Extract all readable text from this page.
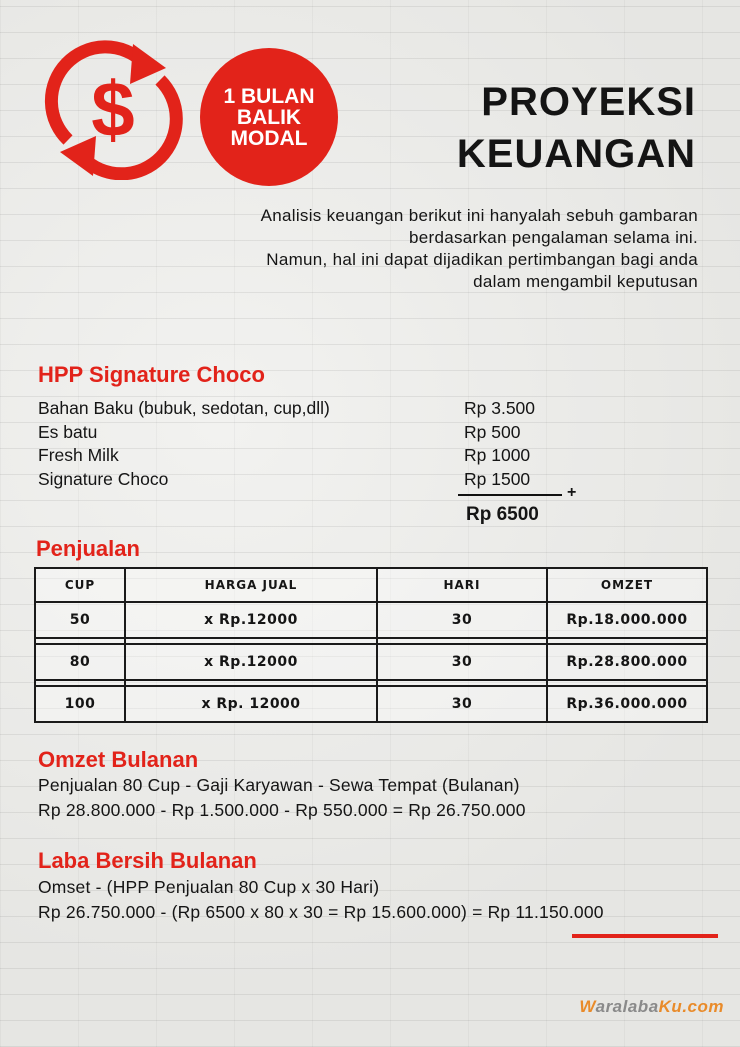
$	1 BULAN
BALIK
MODAL
PROYEKSI
KEUANGAN
Analisis keuangan berikut ini hanyalah sebuh gambaran
berdasarkan pengalaman selama ini.
Namun, hal ini dapat dijadikan pertimbangan bagi anda
dalam mengambil keputusan
HPP Signature Choco
Bahan Baku (bubuk, sedotan, cup,dll)	Rp 3.500
Es batu	Rp 500
Fresh Milk	Rp 1000
Signature Choco	Rp 1500
+
Rp 6500
Penjualan
CUP	HARGA JUAL	HARI	OMZET
50	x Rp.12000	30	Rp.18.000.000

80	x Rp.12000	30	Rp.28.800.000

100	x Rp. 12000	30	Rp.36.000.000
Omzet Bulanan
Penjualan 80 Cup - Gaji Karyawan - Sewa Tempat (Bulanan)
Rp 28.800.000 - Rp 1.500.000 - Rp 550.000 = Rp 26.750.000
Laba Bersih Bulanan
Omset - (HPP Penjualan 80 Cup x 30 Hari)
Rp 26.750.000 - (Rp 6500 x 80 x 30 = Rp 15.600.000) = Rp 11.150.000
WaralabaKu.com
